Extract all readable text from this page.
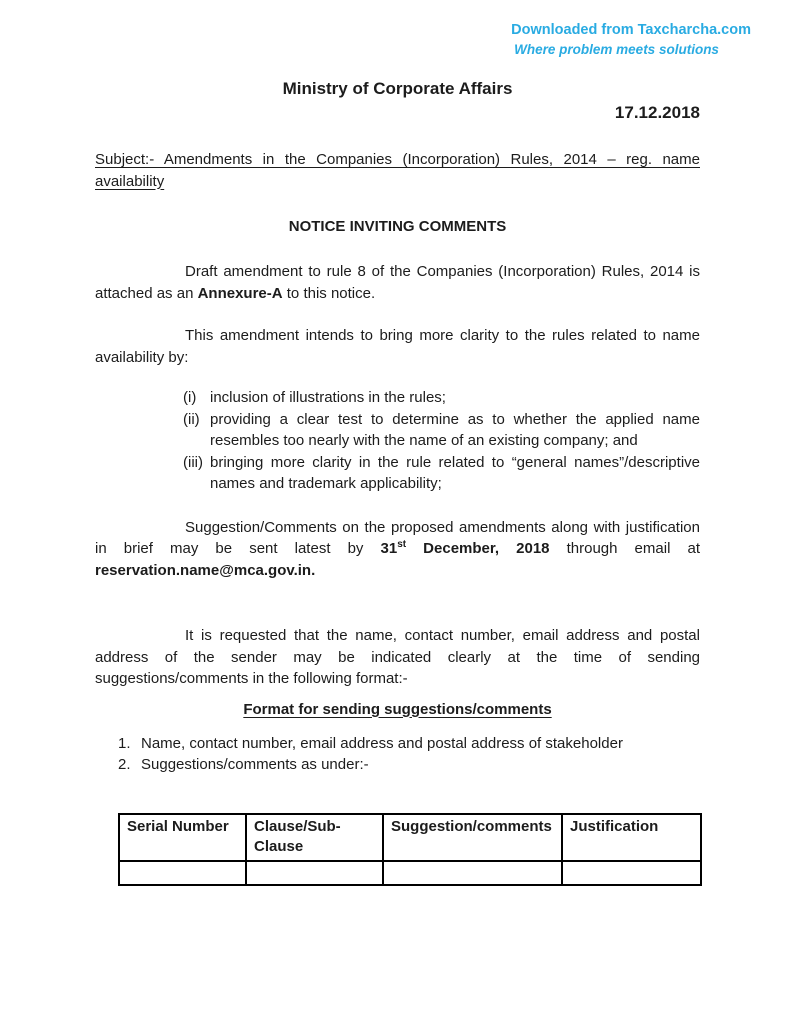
Downloaded from Taxcharcha.com
Where problem meets solutions
Ministry of Corporate Affairs
17.12.2018

Subject:- Amendments in the Companies (Incorporation) Rules, 2014 – reg. name availability

NOTICE INVITING COMMENTS

Draft amendment to rule 8 of the Companies (Incorporation) Rules, 2014 is attached as an Annexure-A to this notice.

This amendment intends to bring more clarity to the rules related to name availability by:

(i) inclusion of illustrations in the rules;
(ii) providing a clear test to determine as to whether the applied name resembles too nearly with the name of an existing company; and
(iii) bringing more clarity in the rule related to “general names”/descriptive names and trademark applicability;

Suggestion/Comments on the proposed amendments along with justification in brief may be sent latest by 31st December, 2018 through email at reservation.name@mca.gov.in.

It is requested that the name, contact number, email address and postal address of the sender may be indicated clearly at the time of sending suggestions/comments in the following format:-

Format for sending suggestions/comments
1. Name, contact number, email address and postal address of stakeholder
2. Suggestions/comments as under:-
Serial Number	Clause/Sub-Clause	Suggestion/comments	Justification
